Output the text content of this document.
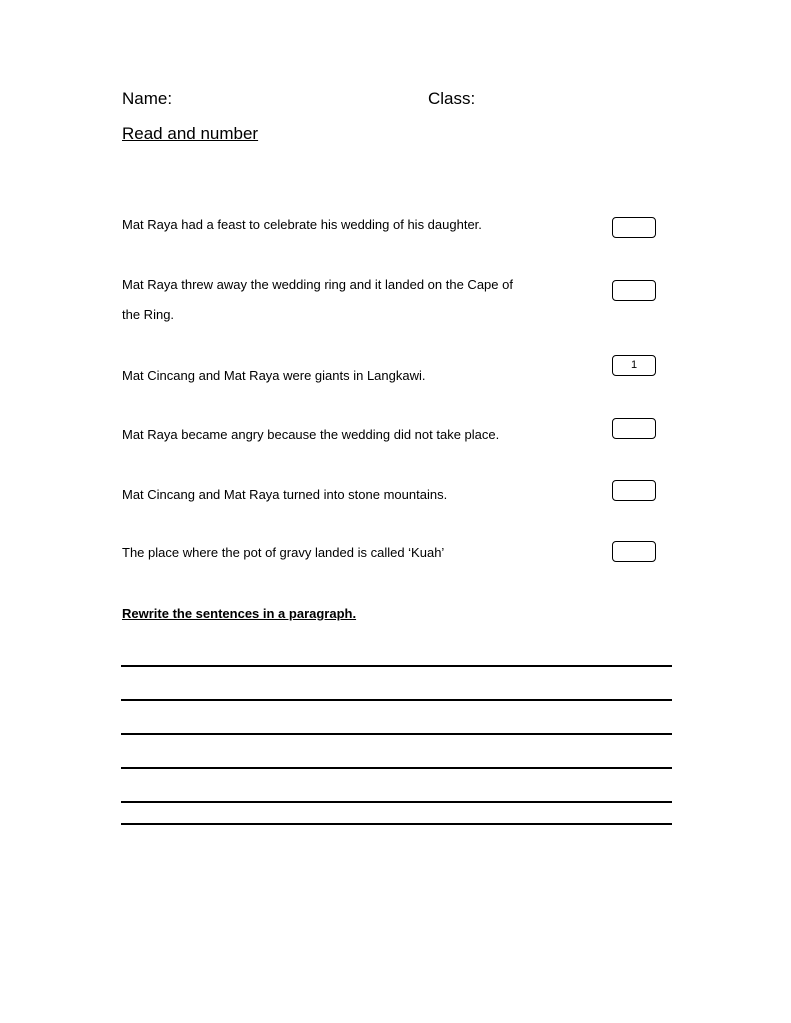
Name:	Class:
Read and number
Mat Raya had a feast to celebrate his wedding of his daughter.
Mat Raya threw away the wedding ring and it landed on the Cape of
the Ring.
Mat Cincang and Mat Raya were giants in Langkawi.
1
Mat Raya became angry because the wedding did not take place.
Mat Cincang and Mat Raya turned into stone mountains.
The place where the pot of gravy landed is called ‘Kuah’
Rewrite the sentences in a paragraph.
